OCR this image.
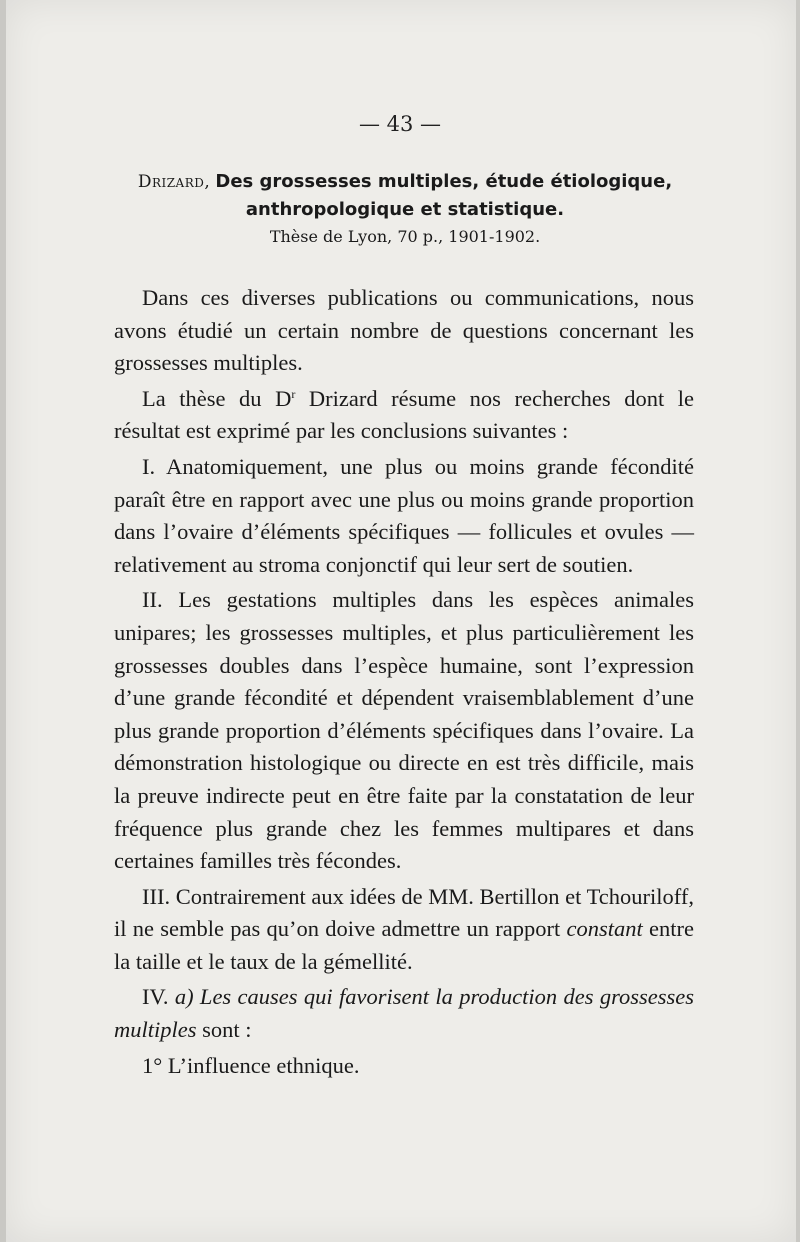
— 43 —
Drizard, Des grossesses multiples, étude étiologique,
anthropologique et statistique.
Thèse de Lyon, 70 p., 1901-1902.

Dans ces diverses publications ou communications, nous avons étudié un certain nombre de questions concernant les grossesses multiples.

La thèse du $D^r$ Drizard résume nos recherches dont le résultat est exprimé par les conclusions suivantes :

I. Anatomiquement, une plus ou moins grande fécondité paraît être en rapport avec une plus ou moins grande proportion dans l’ovaire d’éléments spécifiques — follicules et ovules — relativement au stroma conjonctif qui leur sert de soutien.

II. Les gestations multiples dans les espèces animales unipares; les grossesses multiples, et plus particulièrement les grossesses doubles dans l’espèce humaine, sont l’expression d’une grande fécondité et dépendent vraisemblablement d’une plus grande proportion d’éléments spécifiques dans l’ovaire. La démonstration histologique ou directe en est très difficile, mais la preuve indirecte peut en être faite par la constatation de leur fréquence plus grande chez les femmes multipares et dans certaines familles très fécondes.

III. Contrairement aux idées de MM. Bertillon et Tchouriloff, il ne semble pas qu’on doive admettre un rapport constant entre la taille et le taux de la gémellité.

IV. a) Les causes qui favorisent la production des grossesses multiples sont :

1° L’influence ethnique.
